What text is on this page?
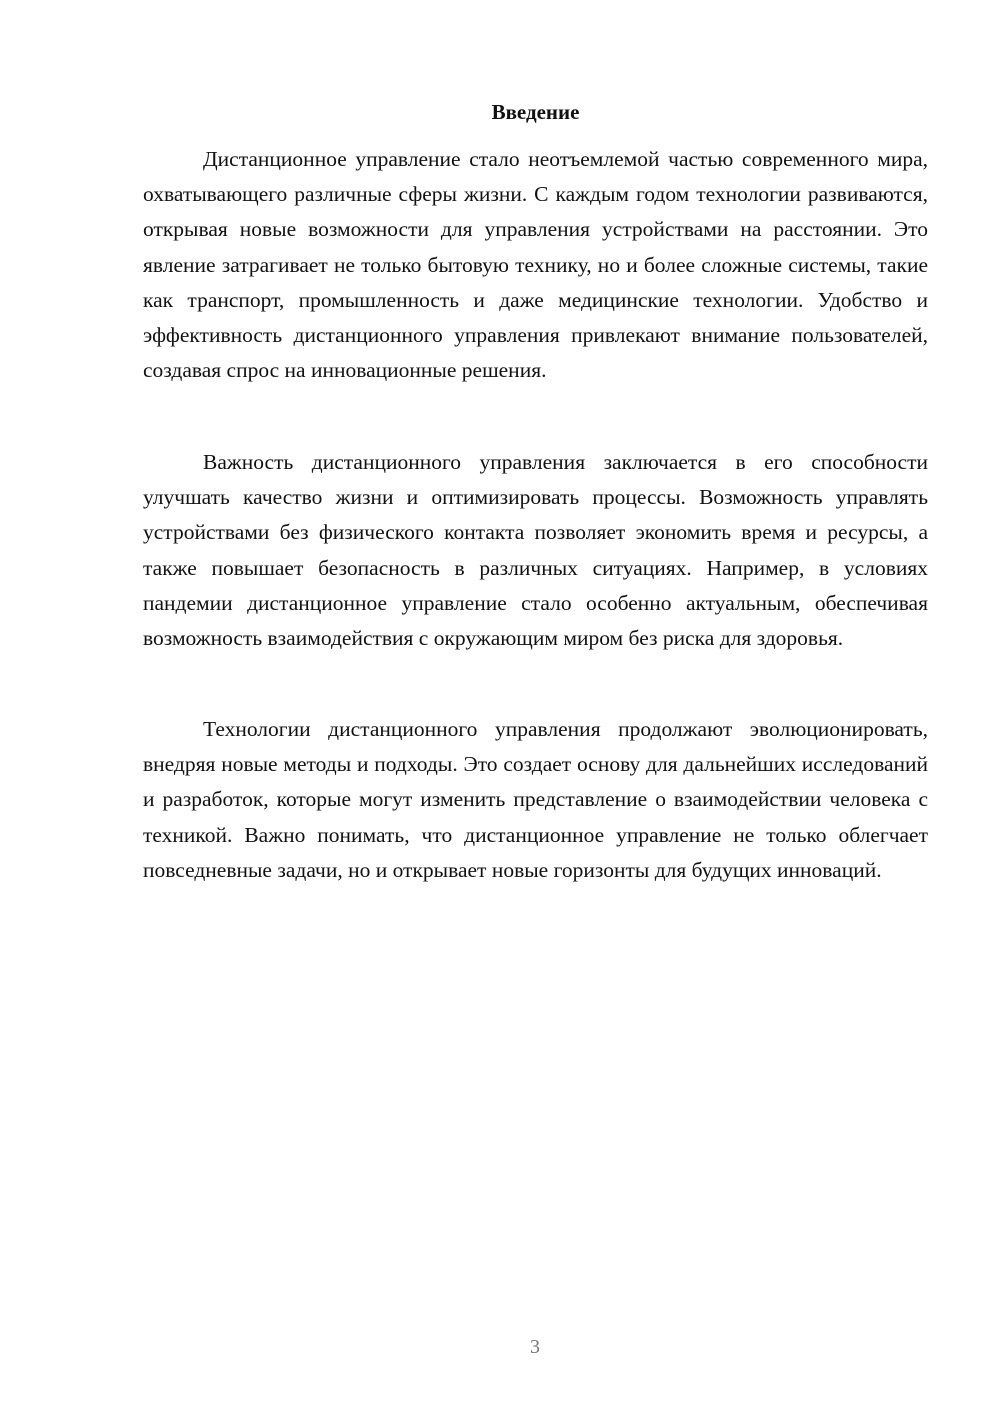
Введение

Дистанционное управление стало неотъемлемой частью современного мира, охватывающего различные сферы жизни. С каждым годом технологии развиваются, открывая новые возможности для управления устройствами на расстоянии. Это явление затрагивает не только бытовую технику, но и более сложные системы, такие как транспорт, промышленность и даже медицинские технологии. Удобство и эффективность дистанционного управления привлекают внимание пользователей, создавая спрос на инновационные решения.

Важность дистанционного управления заключается в его способности улучшать качество жизни и оптимизировать процессы. Возможность управлять устройствами без физического контакта позволяет экономить время и ресурсы, а также повышает безопасность в различных ситуациях. Например, в условиях пандемии дистанционное управление стало особенно актуальным, обеспечивая возможность взаимодействия с окружающим миром без риска для здоровья.

Технологии дистанционного управления продолжают эволюционировать, внедряя новые методы и подходы. Это создает основу для дальнейших исследований и разработок, которые могут изменить представление о взаимодействии человека с техникой. Важно понимать, что дистанционное управление не только облегчает повседневные задачи, но и открывает новые горизонты для будущих инноваций.

3
